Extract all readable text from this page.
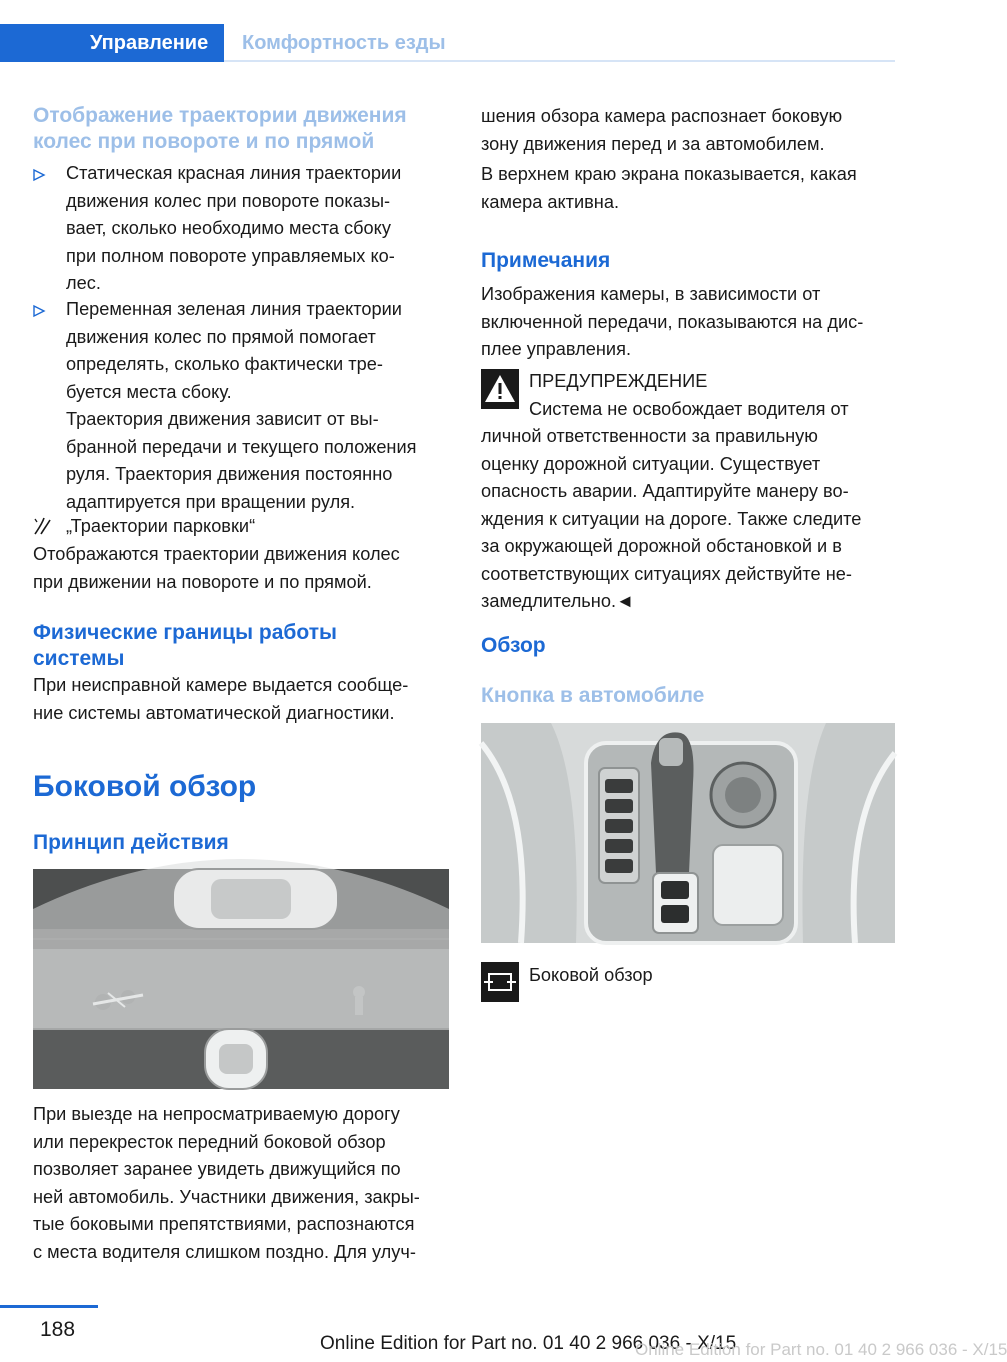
Управление	Комфортность езды
Отображение траектории движения
колес при повороте и по прямой
Статическая красная линия траектории
движения колес при повороте показы-
вает, сколько необходимо места сбоку
при полном повороте управляемых ко-
лес.
Переменная зеленая линия траектории
движения колес по прямой помогает
определять, сколько фактически тре-
буется места сбоку.
Траектория движения зависит от вы-
бранной передачи и текущего положения
руля. Траектория движения постоянно
адаптируется при вращении руля.
„Траектории парковки“
Отображаются траектории движения колес
при движении на повороте и по прямой.
Физические границы работы
системы
При неисправной камере выдается сообще-
ние системы автоматической диагностики.
Боковой обзор
Принцип действия
При выезде на непросматриваемую дорогу
или перекресток передний боковой обзор
позволяет заранее увидеть движущийся по
ней автомобиль. Участники движения, закры-
тые боковыми препятствиями, распознаются
с места водителя слишком поздно. Для улуч-
шения обзора камера распознает боковую
зону движения перед и за автомобилем.
В верхнем краю экрана показывается, какая
камера активна.
Примечания
Изображения камеры, в зависимости от
включенной передачи, показываются на дис-
плее управления.
ПРЕДУПРЕЖДЕНИЕ
Система не освобождает водителя от
личной ответственности за правильную
оценку дорожной ситуации. Существует
опасность аварии. Адаптируйте манеру во-
ждения к ситуации на дороге. Также следите
за окружающей дорожной обстановкой и в
соответствующих ситуациях действуйте не-
замедлительно.◄
Обзор
Кнопка в автомобиле
Боковой обзор
188
Online Edition for Part no. 01 40 2 966 036 - X/15
Online Edition for Part no. 01 40 2 966 036 - X/15
